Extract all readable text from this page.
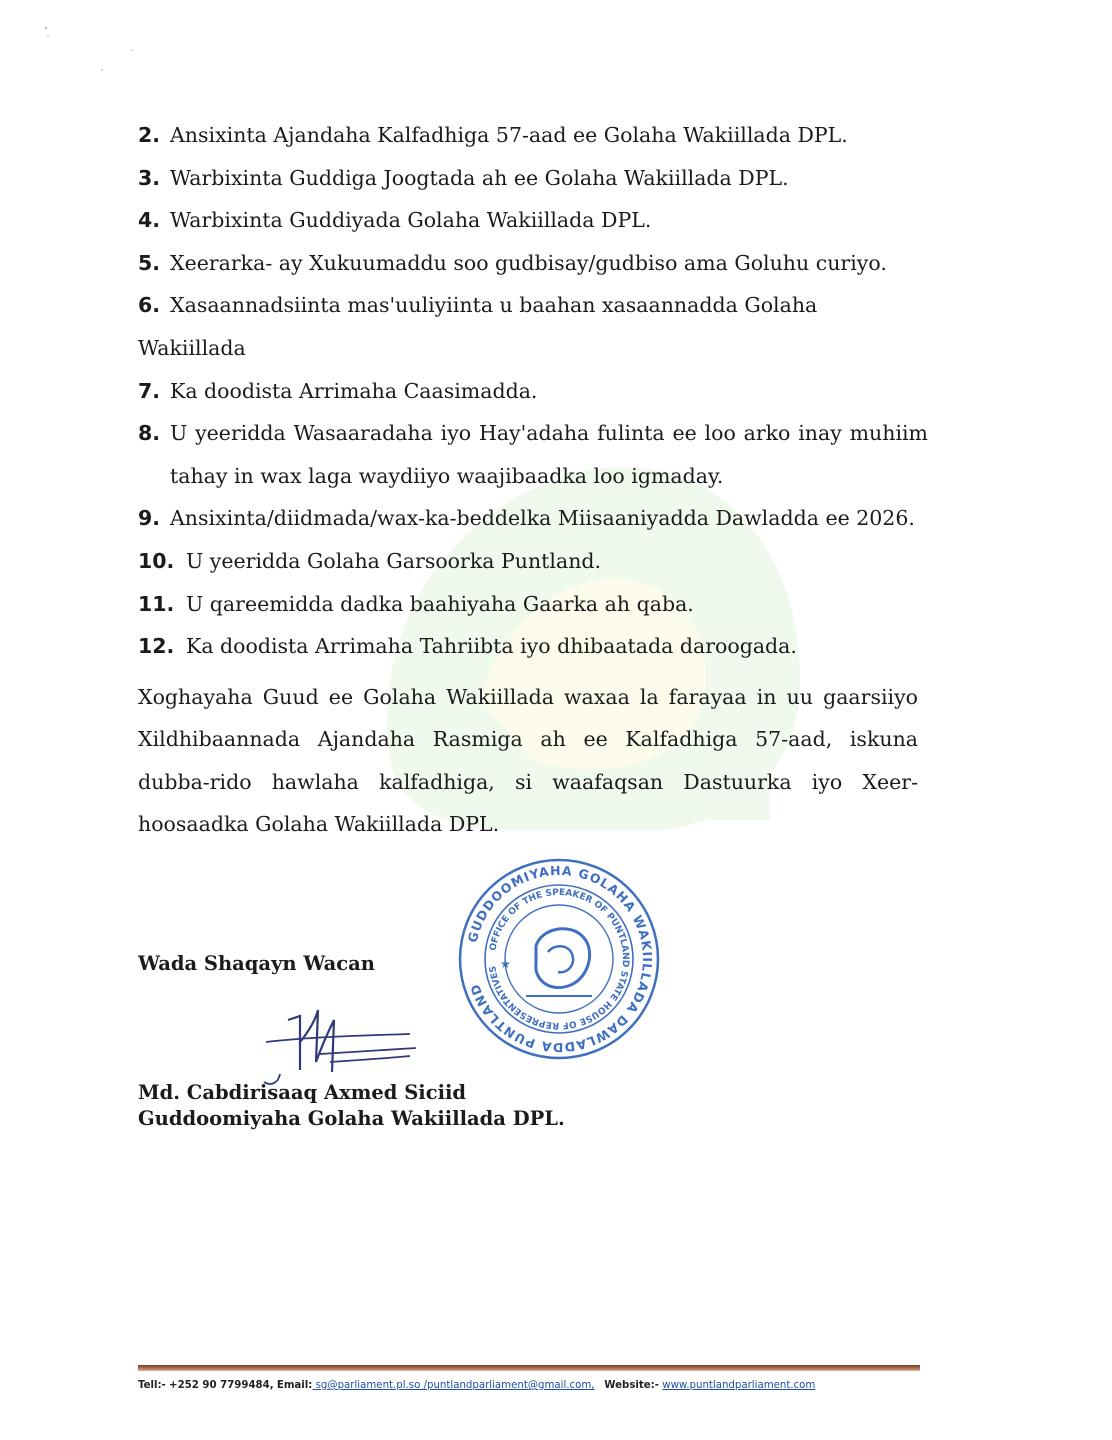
2. Ansixinta Ajandaha Kalfadhiga 57-aad ee Golaha Wakiillada DPL.
3. Warbixinta Guddiga Joogtada ah ee Golaha Wakiillada DPL.
4. Warbixinta Guddiyada Golaha Wakiillada DPL.
5. Xeerarka- ay Xukuumaddu soo gudbisay/gudbiso ama Goluhu curiyo.
6. Xasaannadsiinta mas'uuliyiinta u baahan xasaannadda Golaha Wakiillada
7. Ka doodista Arrimaha Caasimadda.
8. U yeeridda Wasaaradaha iyo Hay'adaha fulinta ee loo arko inay muhiim tahay in wax laga waydiiyo waajibaadka loo igmaday.
9. Ansixinta/diidmada/wax-ka-beddelka Miisaaniyadda Dawladda ee 2026.
10. U yeeridda Golaha Garsoorka Puntland.
11. U qareemidda dadka baahiyaha Gaarka ah qaba.
12. Ka doodista Arrimaha Tahriibta iyo dhibaatada daroogada.

Xoghayaha Guud ee Golaha Wakiillada waxaa la farayaa in uu gaarsiiyo Xildhibaannada Ajandaha Rasmiga ah ee Kalfadhiga 57-aad, iskuna dubba-rido hawlaha kalfadhiga, si waafaqsan Dastuurka iyo Xeer-hoosaadka Golaha Wakiillada DPL.

GUDDOOMIYAHA GOLAHA WAKIILLADA DAWLADDA PUNTLAND
OFFICE OF THE SPEAKER OF PUNTLAND STATE HOUSE OF REPRESENTATIVES ★
Wada Shaqayn Wacan
Md. Cabdirisaaq Axmed Siciid
Guddoomiyaha Golaha Wakiillada DPL.
Tell:- +252 90 7799484, Email: sg@parliament.pl.so /puntlandparliament@gmail.com, Website:- www.puntlandparliament.com
